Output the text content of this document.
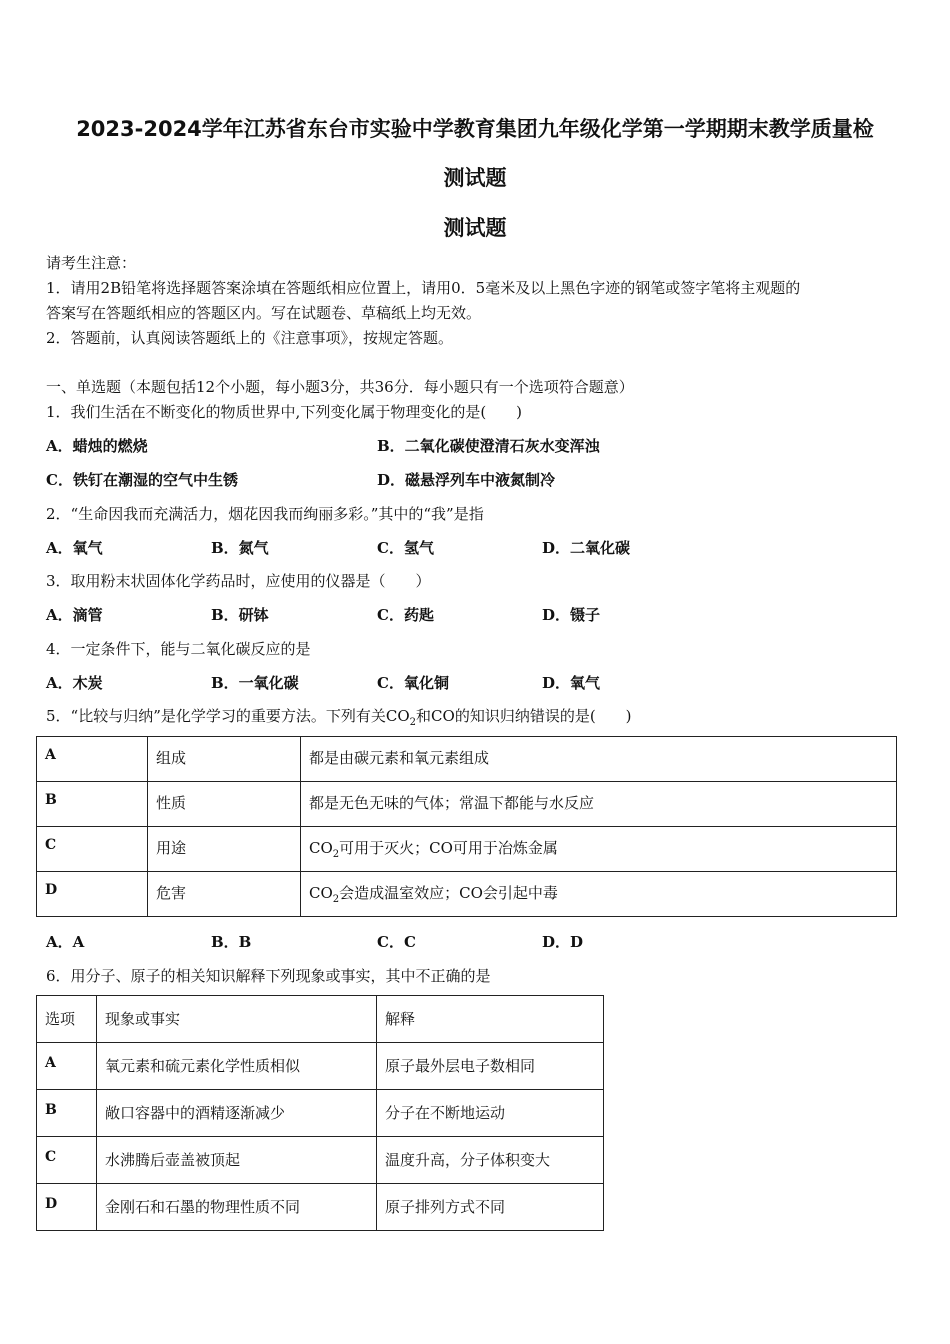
2023-2024学年江苏省东台市实验中学教育集团九年级化学第一学期期末教学质量检
测试题
测试题
请考生注意：
1．请用2B铅笔将选择题答案涂填在答题纸相应位置上，请用0．5毫米及以上黑色字迹的钢笔或签字笔将主观题的
答案写在答题纸相应的答题区内。写在试题卷、草稿纸上均无效。
2．答题前，认真阅读答题纸上的《注意事项》，按规定答题。
一、单选题（本题包括12个小题，每小题3分，共36分．每小题只有一个选项符合题意）
1．我们生活在不断变化的物质世界中,下列变化属于物理变化的是(　　)
A．蜡烛的燃烧	B．二氧化碳使澄清石灰水变浑浊
C．铁钉在潮湿的空气中生锈	D．磁悬浮列车中液氮制冷
2．“生命因我而充满活力，烟花因我而绚丽多彩。”其中的“我”是指
A．氧气	B．氮气	C．氢气	D．二氧化碳
3．取用粉末状固体化学药品时，应使用的仪器是（　　）
A．滴管	B．研钵	C．药匙	D．镊子
4．一定条件下，能与二氧化碳反应的是
A．木炭	B．一氧化碳	C．氧化铜	D．氧气
5．“比较与归纳”是化学学习的重要方法。下列有关$CO_2$和CO的知识归纳错误的是(　　)
A	组成	都是由碳元素和氧元素组成
B	性质	都是无色无味的气体；常温下都能与水反应
C	用途	$CO_2$可用于灭火；CO可用于冶炼金属
D	危害	$CO_2$会造成温室效应；CO会引起中毒
A．A	B．B	C．C	D．D
6．用分子、原子的相关知识解释下列现象或事实，其中不正确的是
选项	现象或事实	解释
A	氧元素和硫元素化学性质相似	原子最外层电子数相同
B	敞口容器中的酒精逐渐减少	分子在不断地运动
C	水沸腾后壶盖被顶起	温度升高，分子体积变大
D	金刚石和石墨的物理性质不同	原子排列方式不同
